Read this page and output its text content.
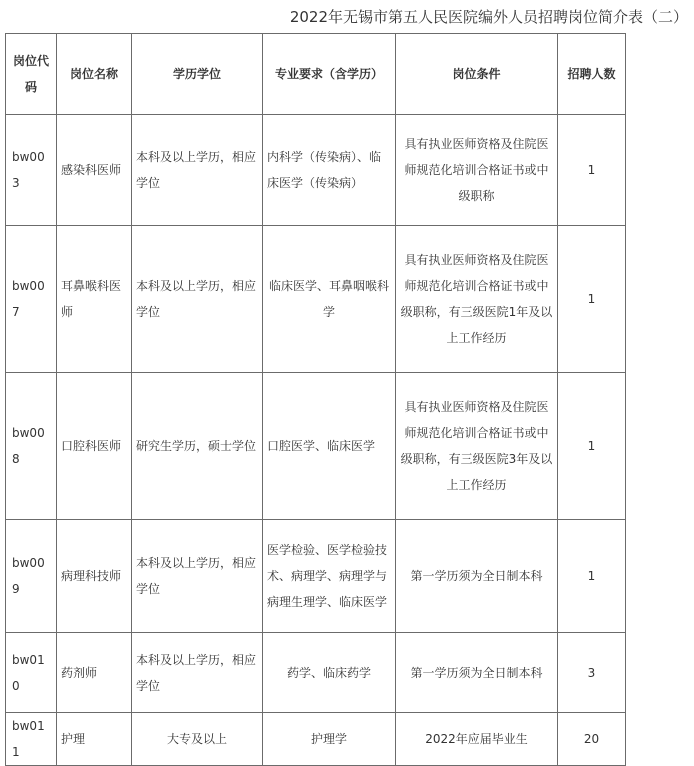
2022年无锡市第五人民医院编外人员招聘岗位简介表（二）
岗位代码	岗位名称	学历学位	专业要求（含学历）	岗位条件	招聘人数
bw003	感染科医师	本科及以上学历，相应学位	内科学（传染病）、临床医学（传染病）	具有执业医师资格及住院医师规范化培训合格证书或中级职称	1
bw007	耳鼻喉科医师	本科及以上学历，相应学位	临床医学、耳鼻咽喉科学	具有执业医师资格及住院医师规范化培训合格证书或中级职称，有三级医院1年及以上工作经历	1
bw008	口腔科医师	研究生学历，硕士学位	口腔医学、临床医学	具有执业医师资格及住院医师规范化培训合格证书或中级职称，有三级医院3年及以上工作经历	1
bw009	病理科技师	本科及以上学历，相应学位	医学检验、医学检验技术、病理学、病理学与病理生理学、临床医学	第一学历须为全日制本科	1
bw010	药剂师	本科及以上学历，相应学位	药学、临床药学	第一学历须为全日制本科	3
bw011	护理	大专及以上	护理学	2022年应届毕业生	20
